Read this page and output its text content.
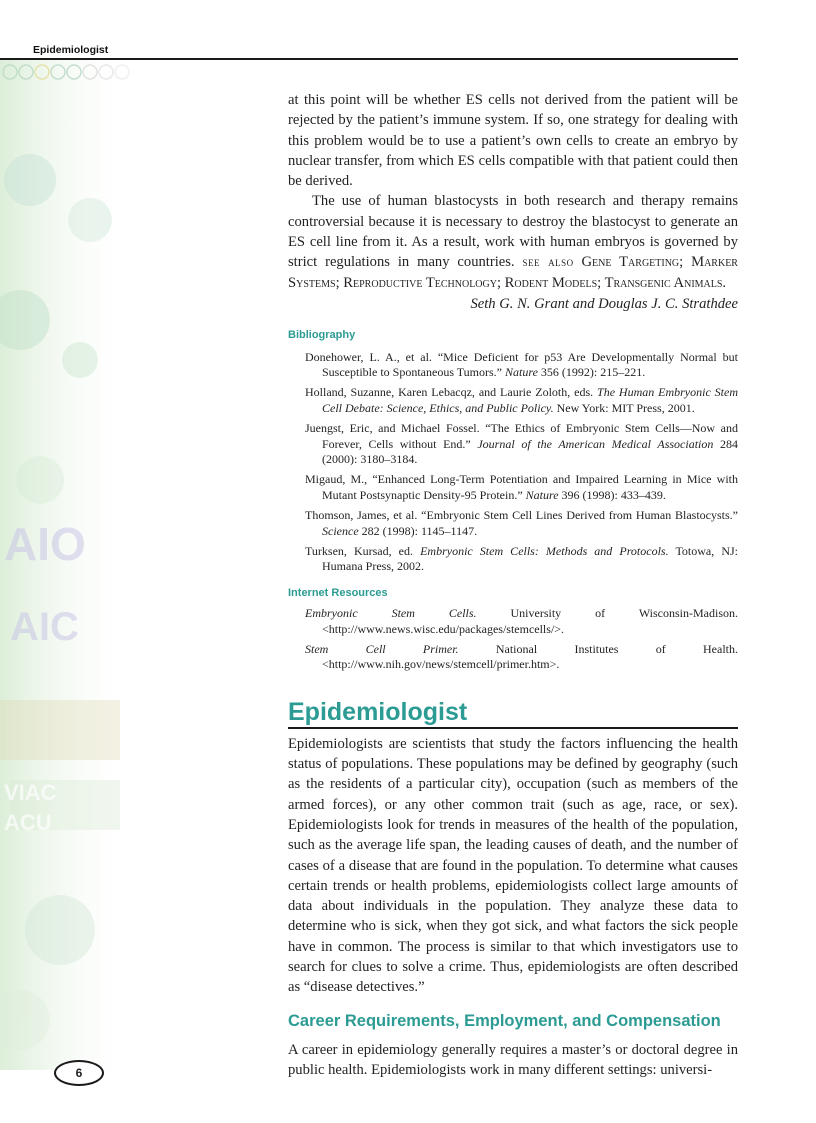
Epidemiologist
AIO
AIC
VIAC
ACU

at this point will be whether ES cells not derived from the patient will be rejected by the patient’s immune system. If so, one strategy for dealing with this problem would be to use a patient’s own cells to create an embryo by nuclear transfer, from which ES cells compatible with that patient could then be derived.

The use of human blastocysts in both research and therapy remains controversial because it is necessary to destroy the blastocyst to generate an ES cell line from it. As a result, work with human embryos is governed by strict regulations in many countries. see also Gene Targeting; Marker Systems; Reproductive Technology; Rodent Models; Transgenic Animals.

Seth G. N. Grant and Douglas J. C. Strathdee

Bibliography

Donehower, L. A., et al. “Mice Deficient for p53 Are Developmentally Normal but Susceptible to Spontaneous Tumors.” Nature 356 (1992): 215–221.
Holland, Suzanne, Karen Lebacqz, and Laurie Zoloth, eds. The Human Embryonic Stem Cell Debate: Science, Ethics, and Public Policy. New York: MIT Press, 2001.
Juengst, Eric, and Michael Fossel. “The Ethics of Embryonic Stem Cells—Now and Forever, Cells without End.” Journal of the American Medical Association 284 (2000): 3180–3184.
Migaud, M., “Enhanced Long-Term Potentiation and Impaired Learning in Mice with Mutant Postsynaptic Density-95 Protein.” Nature 396 (1998): 433–439.
Thomson, James, et al. “Embryonic Stem Cell Lines Derived from Human Blastocysts.” Science 282 (1998): 1145–1147.
Turksen, Kursad, ed. Embryonic Stem Cells: Methods and Protocols. Totowa, NJ: Humana Press, 2002.

Internet Resources

Embryonic Stem Cells. University of Wisconsin-Madison. <http://www.news.wisc.edu/packages/stemcells/>.
Stem Cell Primer. National Institutes of Health. <http://www.nih.gov/news/stemcell/primer.htm>.

Epidemiologist

Epidemiologists are scientists that study the factors influencing the health status of populations. These populations may be defined by geography (such as the residents of a particular city), occupation (such as members of the armed forces), or any other common trait (such as age, race, or sex). Epidemiologists look for trends in measures of the health of the population, such as the average life span, the leading causes of death, and the number of cases of a disease that are found in the population. To determine what causes certain trends or health problems, epidemiologists collect large amounts of data about individuals in the population. They analyze these data to determine who is sick, when they got sick, and what factors the sick people have in common. The process is similar to that which investigators use to search for clues to solve a crime. Thus, epidemiologists are often described as “disease detectives.”

Career Requirements, Employment, and Compensation

A career in epidemiology generally requires a master’s or doctoral degree in public health. Epidemiologists work in many different settings: universi-

6
